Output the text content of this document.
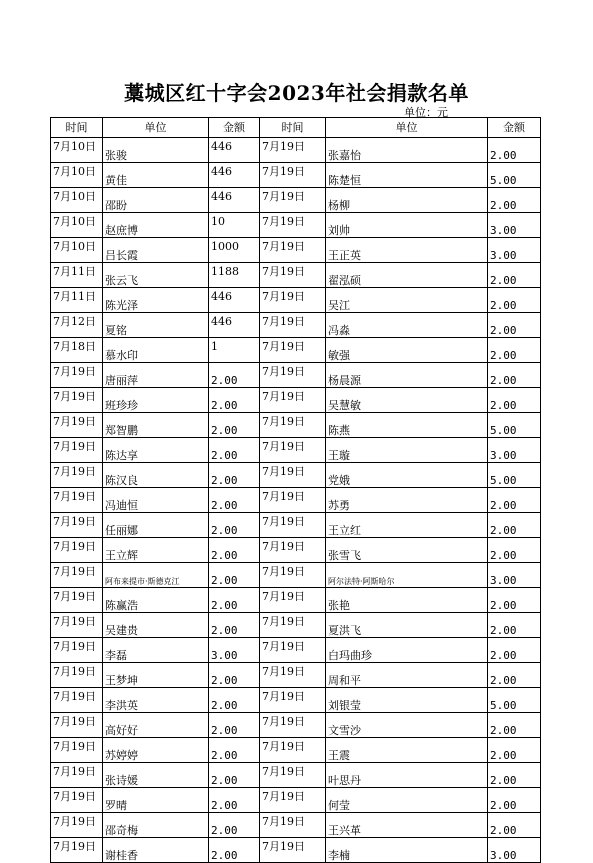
藁城区红十字会2023年社会捐款名单
单位：元
时间	单位	金额	时间	单位	金额
7月10日	张骏	446	7月19日	张嘉怡	2.00
7月10日	黄佳	446	7月19日	陈楚恒	5.00
7月10日	邵盼	446	7月19日	杨柳	2.00
7月10日	赵庶博	10	7月19日	刘帅	3.00
7月10日	吕长霞	1000	7月19日	王正英	3.00
7月11日	张云飞	1188	7月19日	翟泓硕	2.00
7月11日	陈光泽	446	7月19日	吴江	2.00
7月12日	夏铭	446	7月19日	冯淼	2.00
7月18日	慕水印	1	7月19日	敏强	2.00
7月19日	唐丽萍	2.00	7月19日	杨晨源	2.00
7月19日	班珍珍	2.00	7月19日	吴慧敏	2.00
7月19日	郑智鹏	2.00	7月19日	陈燕	5.00
7月19日	陈达享	2.00	7月19日	王璇	3.00
7月19日	陈汉良	2.00	7月19日	党娥	5.00
7月19日	冯迪恒	2.00	7月19日	苏勇	2.00
7月19日	任丽娜	2.00	7月19日	王立红	2.00
7月19日	王立辉	2.00	7月19日	张雪飞	2.00
7月19日	阿布来提市·斯德克江	2.00	7月19日	阿尔法特·阿斯哈尔	3.00
7月19日	陈赢浩	2.00	7月19日	张艳	2.00
7月19日	吴建贵	2.00	7月19日	夏洪飞	2.00
7月19日	李磊	3.00	7月19日	白玛曲珍	2.00
7月19日	王梦坤	2.00	7月19日	周和平	2.00
7月19日	李洪英	2.00	7月19日	刘银莹	5.00
7月19日	高好好	2.00	7月19日	文雪沙	2.00
7月19日	苏婷婷	2.00	7月19日	王震	2.00
7月19日	张诗媛	2.00	7月19日	叶思丹	2.00
7月19日	罗晴	2.00	7月19日	何莹	2.00
7月19日	邵奇梅	2.00	7月19日	王兴革	2.00
7月19日	谢桂香	2.00	7月19日	李楠	3.00
